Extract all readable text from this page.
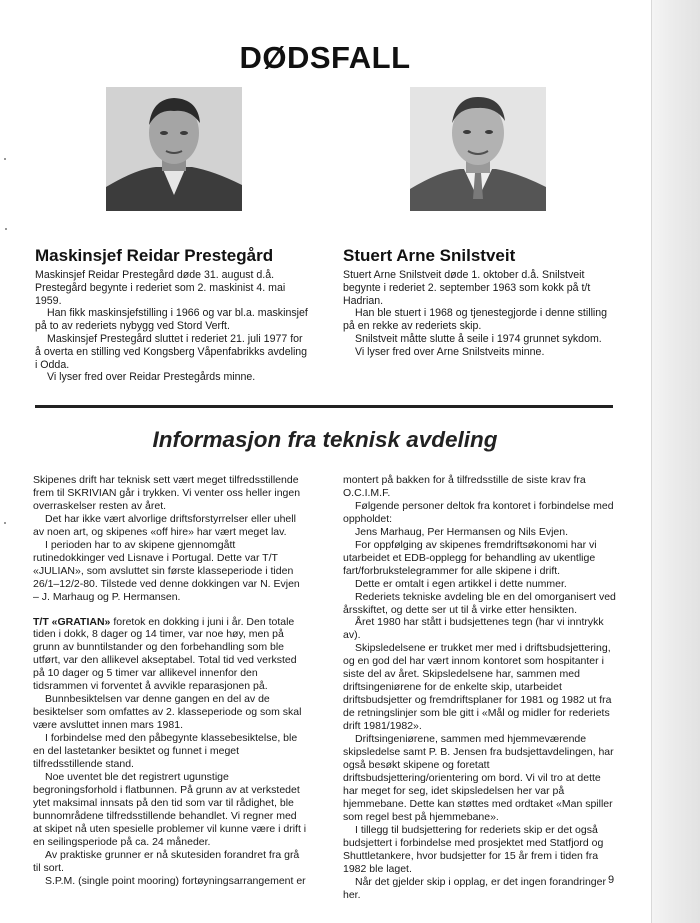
DØDSFALL
Maskinsjef Reidar Prestegård

Maskinsjef Reidar Prestegård døde 31. august d.å. Prestegård begynte i rederiet som 2. maskinist 4. mai 1959.

Han fikk maskinsjefstilling i 1966 og var bl.a. maskinsjef på to av rederiets nybygg ved Stord Verft.

Maskinsjef Prestegård sluttet i rederiet 21. juli 1977 for å overta en stilling ved Kongsberg Våpenfabrikks avdeling i Odda.

Vi lyser fred over Reidar Prestegårds minne.

Stuert Arne Snilstveit

Stuert Arne Snilstveit døde 1. oktober d.å. Snilstveit begynte i rederiet 2. september 1963 som kokk på t/t Hadrian.

Han ble stuert i 1968 og tjenestegjorde i denne stilling på en rekke av rederiets skip.

Snilstveit måtte slutte å seile i 1974 grunnet sykdom.

Vi lyser fred over Arne Snilstveits minne.

Informasjon fra teknisk avdeling

Skipenes drift har teknisk sett vært meget tilfredsstillende frem til SKRIVIAN går i trykken. Vi venter oss heller ingen overraskelser resten av året.

Det har ikke vært alvorlige driftsforstyrrelser eller uhell av noen art, og skipenes «off hire» har vært meget lav.

I perioden har to av skipene gjennomgått rutinedokkinger ved Lisnave i Portugal. Dette var T/T «JULIAN», som avsluttet sin første klasseperiode i tiden 26/1–12/2-80. Tilstede ved denne dokkingen var N. Evjen – J. Marhaug og P. Hermansen.

T/T «GRATIAN» foretok en dokking i juni i år. Den totale tiden i dokk, 8 dager og 14 timer, var noe høy, men på grunn av bunntilstander og den forbehandling som ble utført, var den allikevel akseptabel. Total tid ved verksted på 10 dager og 5 timer var allikevel innenfor den tidsrammen vi forventet å avvikle reparasjonen på.

Bunnbesiktelsen var denne gangen en del av de besiktelser som omfattes av 2. klasseperiode og som skal være avsluttet innen mars 1981.

I forbindelse med den påbegynte klassebesiktelse, ble en del lastetanker besiktet og funnet i meget tilfredsstillende stand.

Noe uventet ble det registrert ugunstige begroningsforhold i flatbunnen. På grunn av at verkstedet ytet maksimal innsats på den tid som var til rådighet, ble bunnområdene tilfredsstillende behandlet. Vi regner med at skipet nå uten spesielle problemer vil kunne være i drift i en seilingsperiode på ca. 24 måneder.

Av praktiske grunner er nå skutesiden forandret fra grå til sort.

S.P.M. (single point mooring) fortøyningsarrangement er

montert på bakken for å tilfredsstille de siste krav fra O.C.I.M.F.

Følgende personer deltok fra kontoret i forbindelse med oppholdet:

Jens Marhaug, Per Hermansen og Nils Evjen.

For oppfølging av skipenes fremdriftsøkonomi har vi utarbeidet et EDB-opplegg for behandling av ukentlige fart/forbrukstelegrammer for alle skipene i drift.

Dette er omtalt i egen artikkel i dette nummer.

Rederiets tekniske avdeling ble en del omorganisert ved årsskiftet, og dette ser ut til å virke etter hensikten.

Året 1980 har stått i budsjettenes tegn (har vi inntrykk av).

Skipsledelsene er trukket mer med i driftsbudsjettering, og en god del har vært innom kontoret som hospitanter i siste del av året. Skipsledelsene har, sammen med driftsingeniørene for de enkelte skip, utarbeidet driftsbudsjetter og fremdriftsplaner for 1981 og 1982 ut fra de retningslinjer som ble gitt i «Mål og midler for rederiets drift 1981/1982».

Driftsingeniørene, sammen med hjemmeværende skipsledelse samt P. B. Jensen fra budsjettavdelingen, har også besøkt skipene og foretatt driftsbudsjettering/orientering om bord. Vi vil tro at dette har meget for seg, idet skipsledelsen her var på hjemmebane. Dette kan støttes med ordtaket «Man spiller som regel best på hjemmebane».

I tillegg til budsjettering for rederiets skip er det også budsjettert i forbindelse med prosjektet med Statfjord og Shuttletankere, hvor budsjetter for 15 år frem i tiden fra 1982 ble laget.

Når det gjelder skip i opplag, er det ingen forandringer her.

9
